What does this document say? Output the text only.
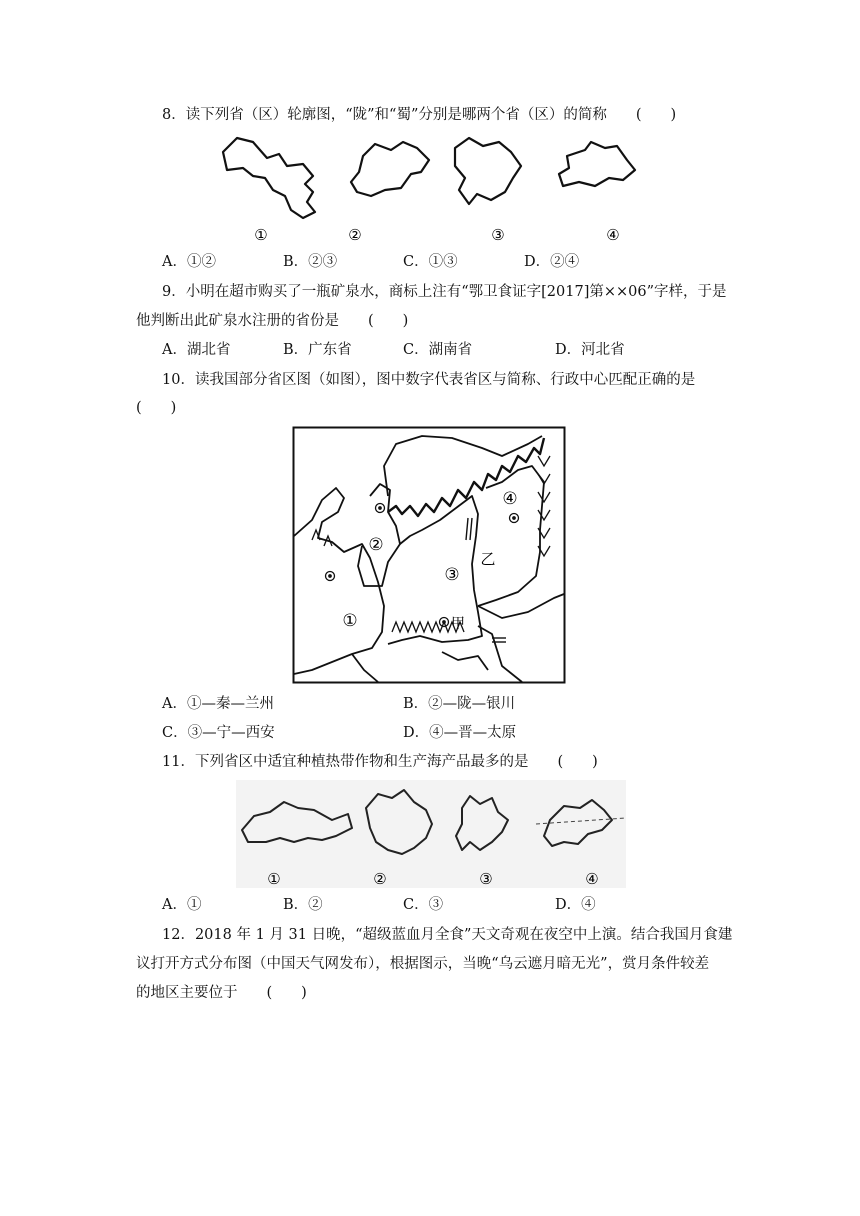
8．读下列省（区）轮廓图，“陇”和“蜀”分别是哪两个省（区）的简称　　(　　)
①	②	③	④
A．①②	B．②③	C．①③	D．②④
9．小明在超市购买了一瓶矿泉水，商标上注有“鄂卫食证字[2017]第××06”字样，于是
他判断出此矿泉水注册的省份是　　(　　)
A．湖北省	B．广东省	C．湖南省	D．河北省
10．读我国部分省区图（如图），图中数字代表省区与简称、行政中心匹配正确的是
(　　)
①
②
③
④
甲
乙
A．①—秦—兰州	B．②—陇—银川
C．③—宁—西安	D．④—晋—太原
11．下列省区中适宜种植热带作物和生产海产品最多的是　　(　　)
①	②	③	④
A．①	B．②	C．③	D．④
12．2018 年 1 月 31 日晚，“超级蓝血月全食”天文奇观在夜空中上演。结合我国月食建
议打开方式分布图（中国天气网发布），根据图示，当晚“乌云遮月暗无光”，赏月条件较差
的地区主要位于　　(　　)
